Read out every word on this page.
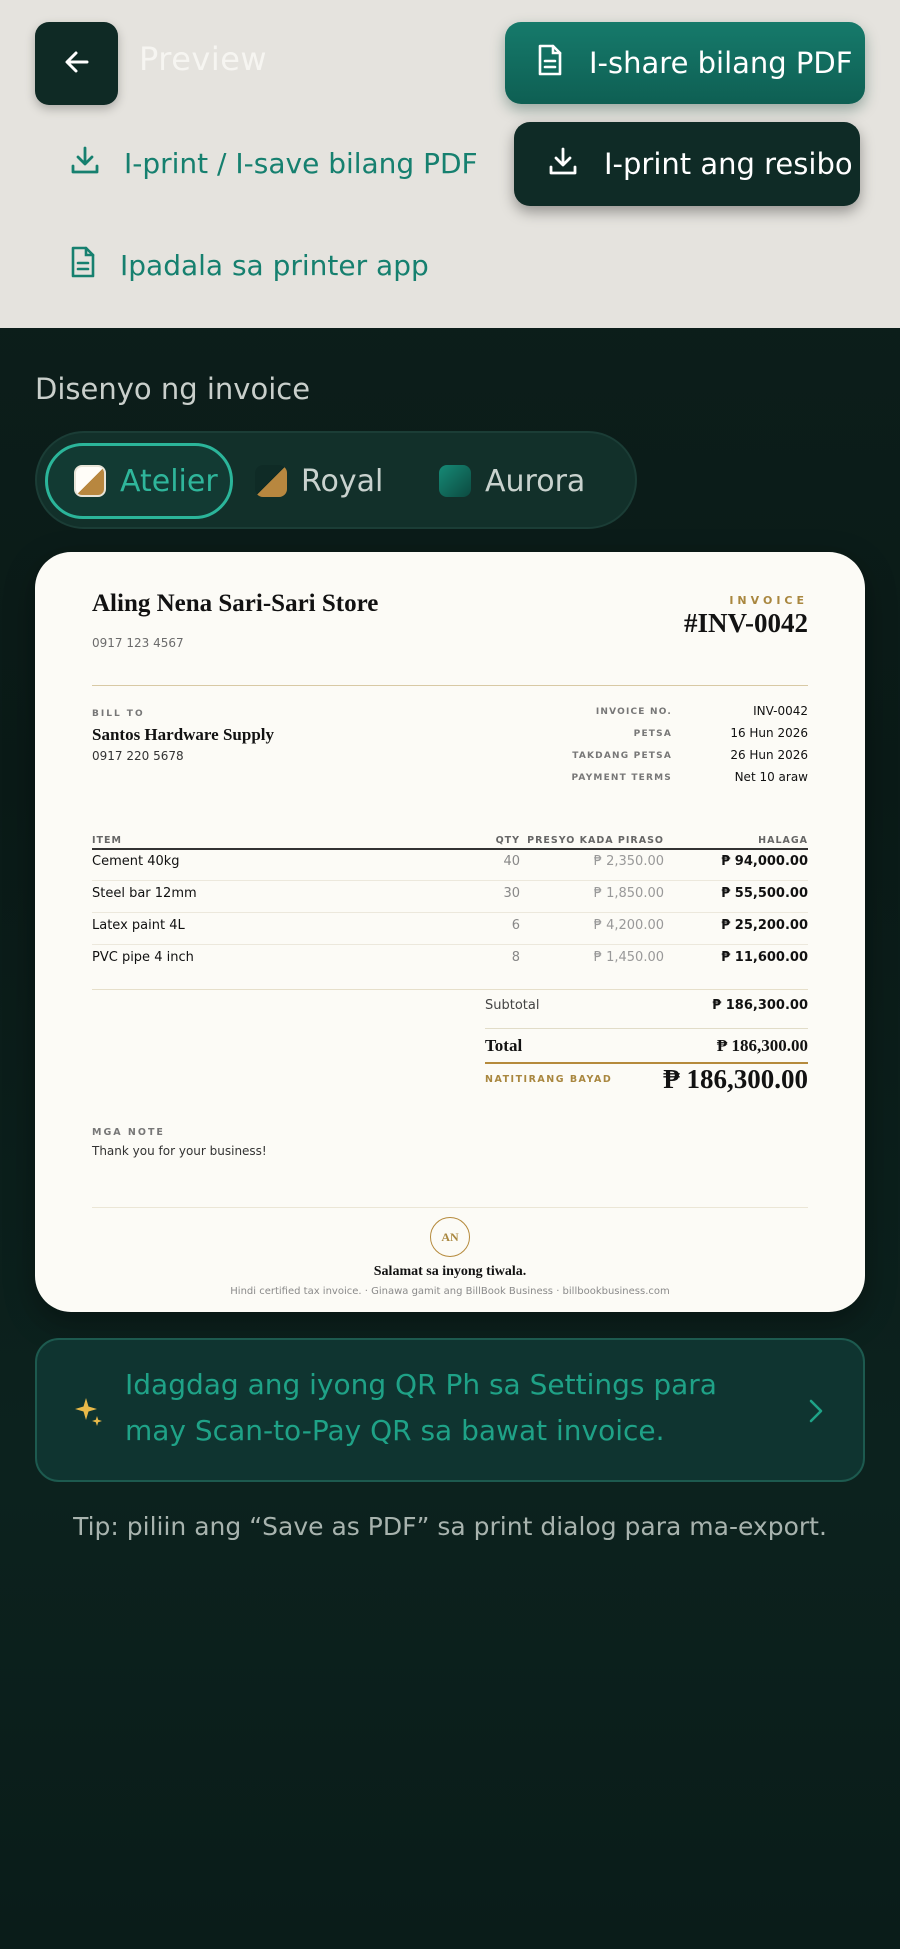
Preview	I-share bilang PDF
I-print ang resibo
I-print / I-save bilang PDF
Ipadala sa printer app
Disenyo ng invoice
Atelier	Royal	Aurora
Aling Nena Sari-Sari Store
0917 123 4567
INVOICE
#INV-0042
BILL TO
Santos Hardware Supply
0917 220 5678
INVOICE NO.	INV-0042
PETSA	16 Hun 2026
TAKDANG PETSA	26 Hun 2026
PAYMENT TERMS	Net 10 araw
ITEM	QTY PRESYO KADA PIRASO	HALAGA
Cement 40kg	40	₱ 2,350.00	₱ 94,000.00
Steel bar 12mm	30	₱ 1,850.00	₱ 55,500.00
Latex paint 4L	6	₱ 4,200.00	₱ 25,200.00
PVC pipe 4 inch	8	₱ 1,450.00	₱ 11,600.00
Subtotal	₱ 186,300.00
Total	₱ 186,300.00
NATITIRANG BAYAD ₱ 186,300.00
MGA NOTE
Thank you for your business!
AN
Salamat sa inyong tiwala.
Hindi certified tax invoice. · Ginawa gamit ang BillBook Business · billbookbusiness.com
Idagdag ang iyong QR Ph sa Settings para may Scan-to-Pay QR sa bawat invoice.
Tip: piliin ang “Save as PDF” sa print dialog para ma-export.
